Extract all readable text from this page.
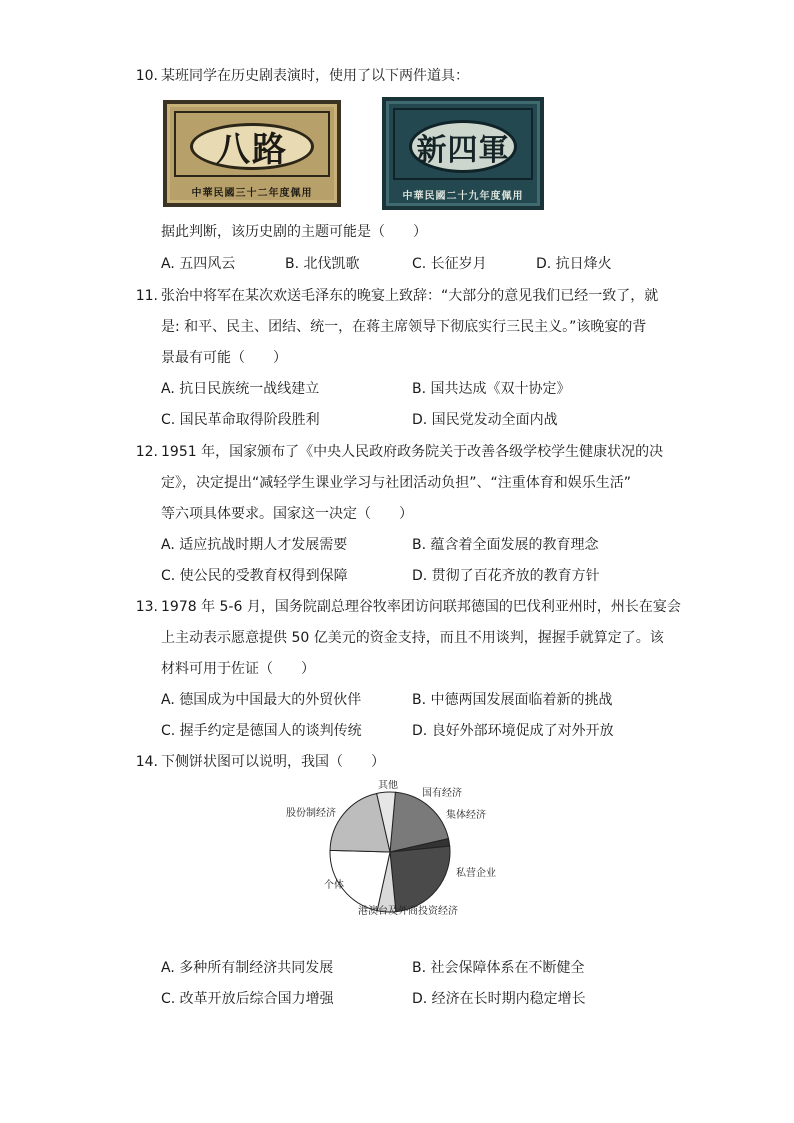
10. 某班同学在历史剧表演时，使用了以下两件道具：
八路
中華民國三十二年度佩用
新四軍
中華民國二十九年度佩用
据此判断，该历史剧的主题可能是（　　）
A. 五四风云	B. 北伐凯歌	C. 长征岁月	D. 抗日烽火
11. 张治中将军在某次欢送毛泽东的晚宴上致辞：“大部分的意见我们已经一致了，就
是: 和平、民主、团结、统一，在蒋主席领导下彻底实行三民主义。”该晚宴的背
景最有可能（　　）
A. 抗日民族统一战线建立	B. 国共达成《双十协定》
C. 国民革命取得阶段胜利	D. 国民党发动全面内战
12. 1951 年，国家颁布了《中央人民政府政务院关于改善各级学校学生健康状况的决
定》，决定提出“减轻学生课业学习与社团活动负担”、“注重体育和娱乐生活”
等六项具体要求。国家这一决定（　　）
A. 适应抗战时期人才发展需要	B. 蕴含着全面发展的教育理念
C. 使公民的受教育权得到保障	D. 贯彻了百花齐放的教育方针
13. 1978 年 5-6 月，国务院副总理谷牧率团访问联邦德国的巴伐利亚州时，州长在宴会
上主动表示愿意提供 50 亿美元的资金支持，而且不用谈判，握握手就算定了。该
材料可用于佐证（　　）
A. 德国成为中国最大的外贸伙伴	B. 中德两国发展面临着新的挑战
C. 握手约定是德国人的谈判传统	D. 良好外部环境促成了对外开放
14. 下侧饼状图可以说明，我国（　　）
国有经济
集体经济
私营企业
港澳台及外商投资经济
个体
股份制经济
其他
A. 多种所有制经济共同发展	B. 社会保障体系在不断健全
C. 改革开放后综合国力增强	D. 经济在长时期内稳定增长
